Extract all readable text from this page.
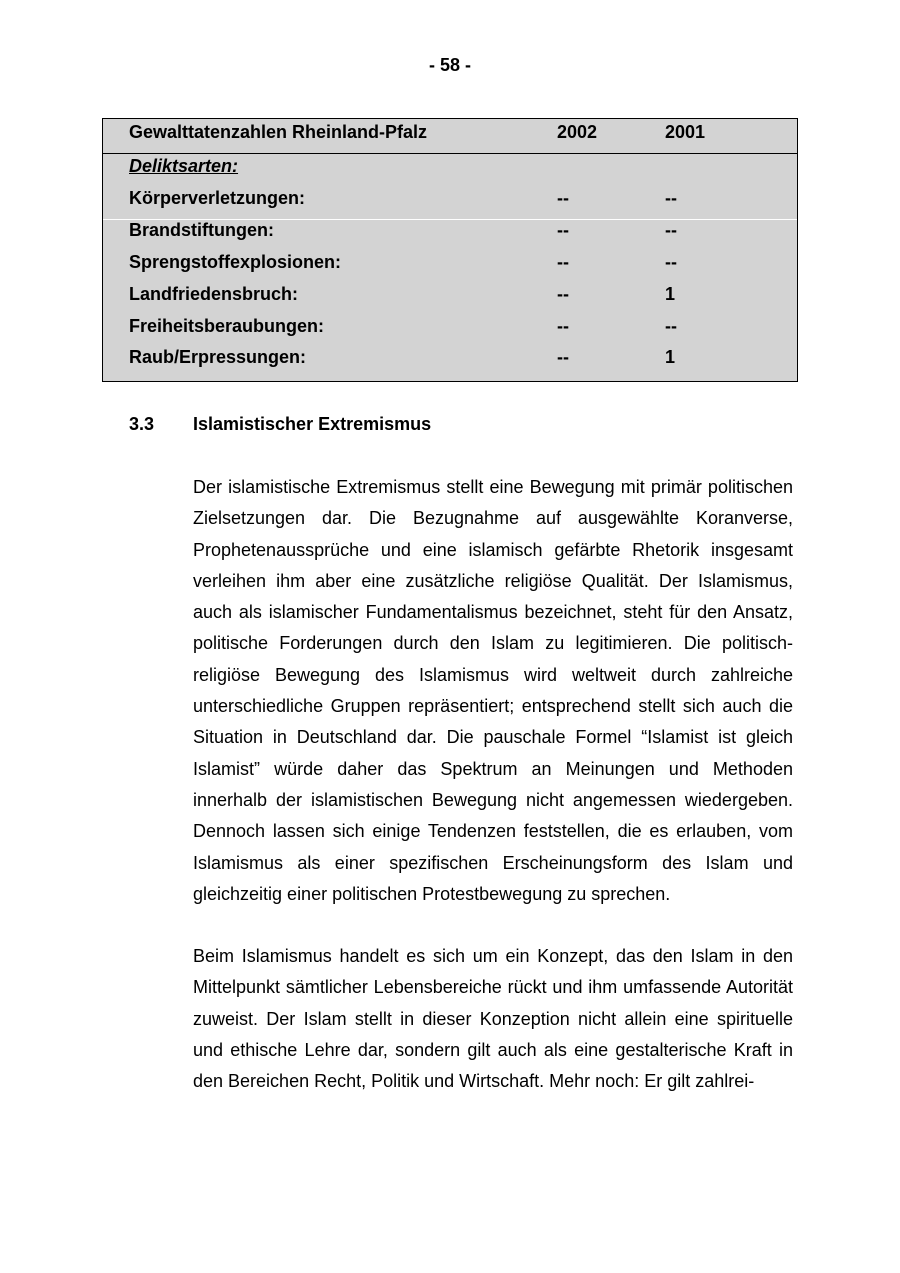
- 58 -
Gewalttatenzahlen Rheinland-Pfalz	2002	2001
Deliktsarten:
Körperverletzungen:	--	--
Brandstiftungen:	--	--
Sprengstoffexplosionen:	--	--
Landfriedensbruch:	--	1
Freiheitsberaubungen:	--	--
Raub/Erpressungen:	--	1
3.3 Islamistischer Extremismus

Der islamistische Extremismus stellt eine Bewegung mit primär politischen Zielsetzungen dar. Die Bezugnahme auf ausgewählte Koranverse, Prophetenaussprüche und eine islamisch gefärbte Rhetorik insgesamt verleihen ihm aber eine zusätzliche religiöse Qualität. Der Islamismus, auch als islamischer Fundamentalismus bezeichnet, steht für den Ansatz, politische Forderungen durch den Islam zu legitimieren. Die politisch-religiöse Bewegung des Islamismus wird weltweit durch zahlreiche unterschiedliche Gruppen repräsentiert; entsprechend stellt sich auch die Situation in Deutschland dar. Die pauschale Formel “Islamist ist gleich Islamist” würde daher das Spektrum an Meinungen und Methoden innerhalb der islamistischen Bewegung nicht angemessen wiedergeben. Dennoch lassen sich einige Tendenzen feststellen, die es erlauben, vom Islamismus als einer spezifischen Erscheinungsform des Islam und gleichzeitig einer politischen Protestbewegung zu sprechen.

Beim Islamismus handelt es sich um ein Konzept, das den Islam in den Mittelpunkt sämtlicher Lebensbereiche rückt und ihm umfassende Autorität zuweist. Der Islam stellt in dieser Konzeption nicht allein eine spirituelle und ethische Lehre dar, sondern gilt auch als eine gestalterische Kraft in den Bereichen Recht, Politik und Wirtschaft. Mehr noch: Er gilt zahlrei-
